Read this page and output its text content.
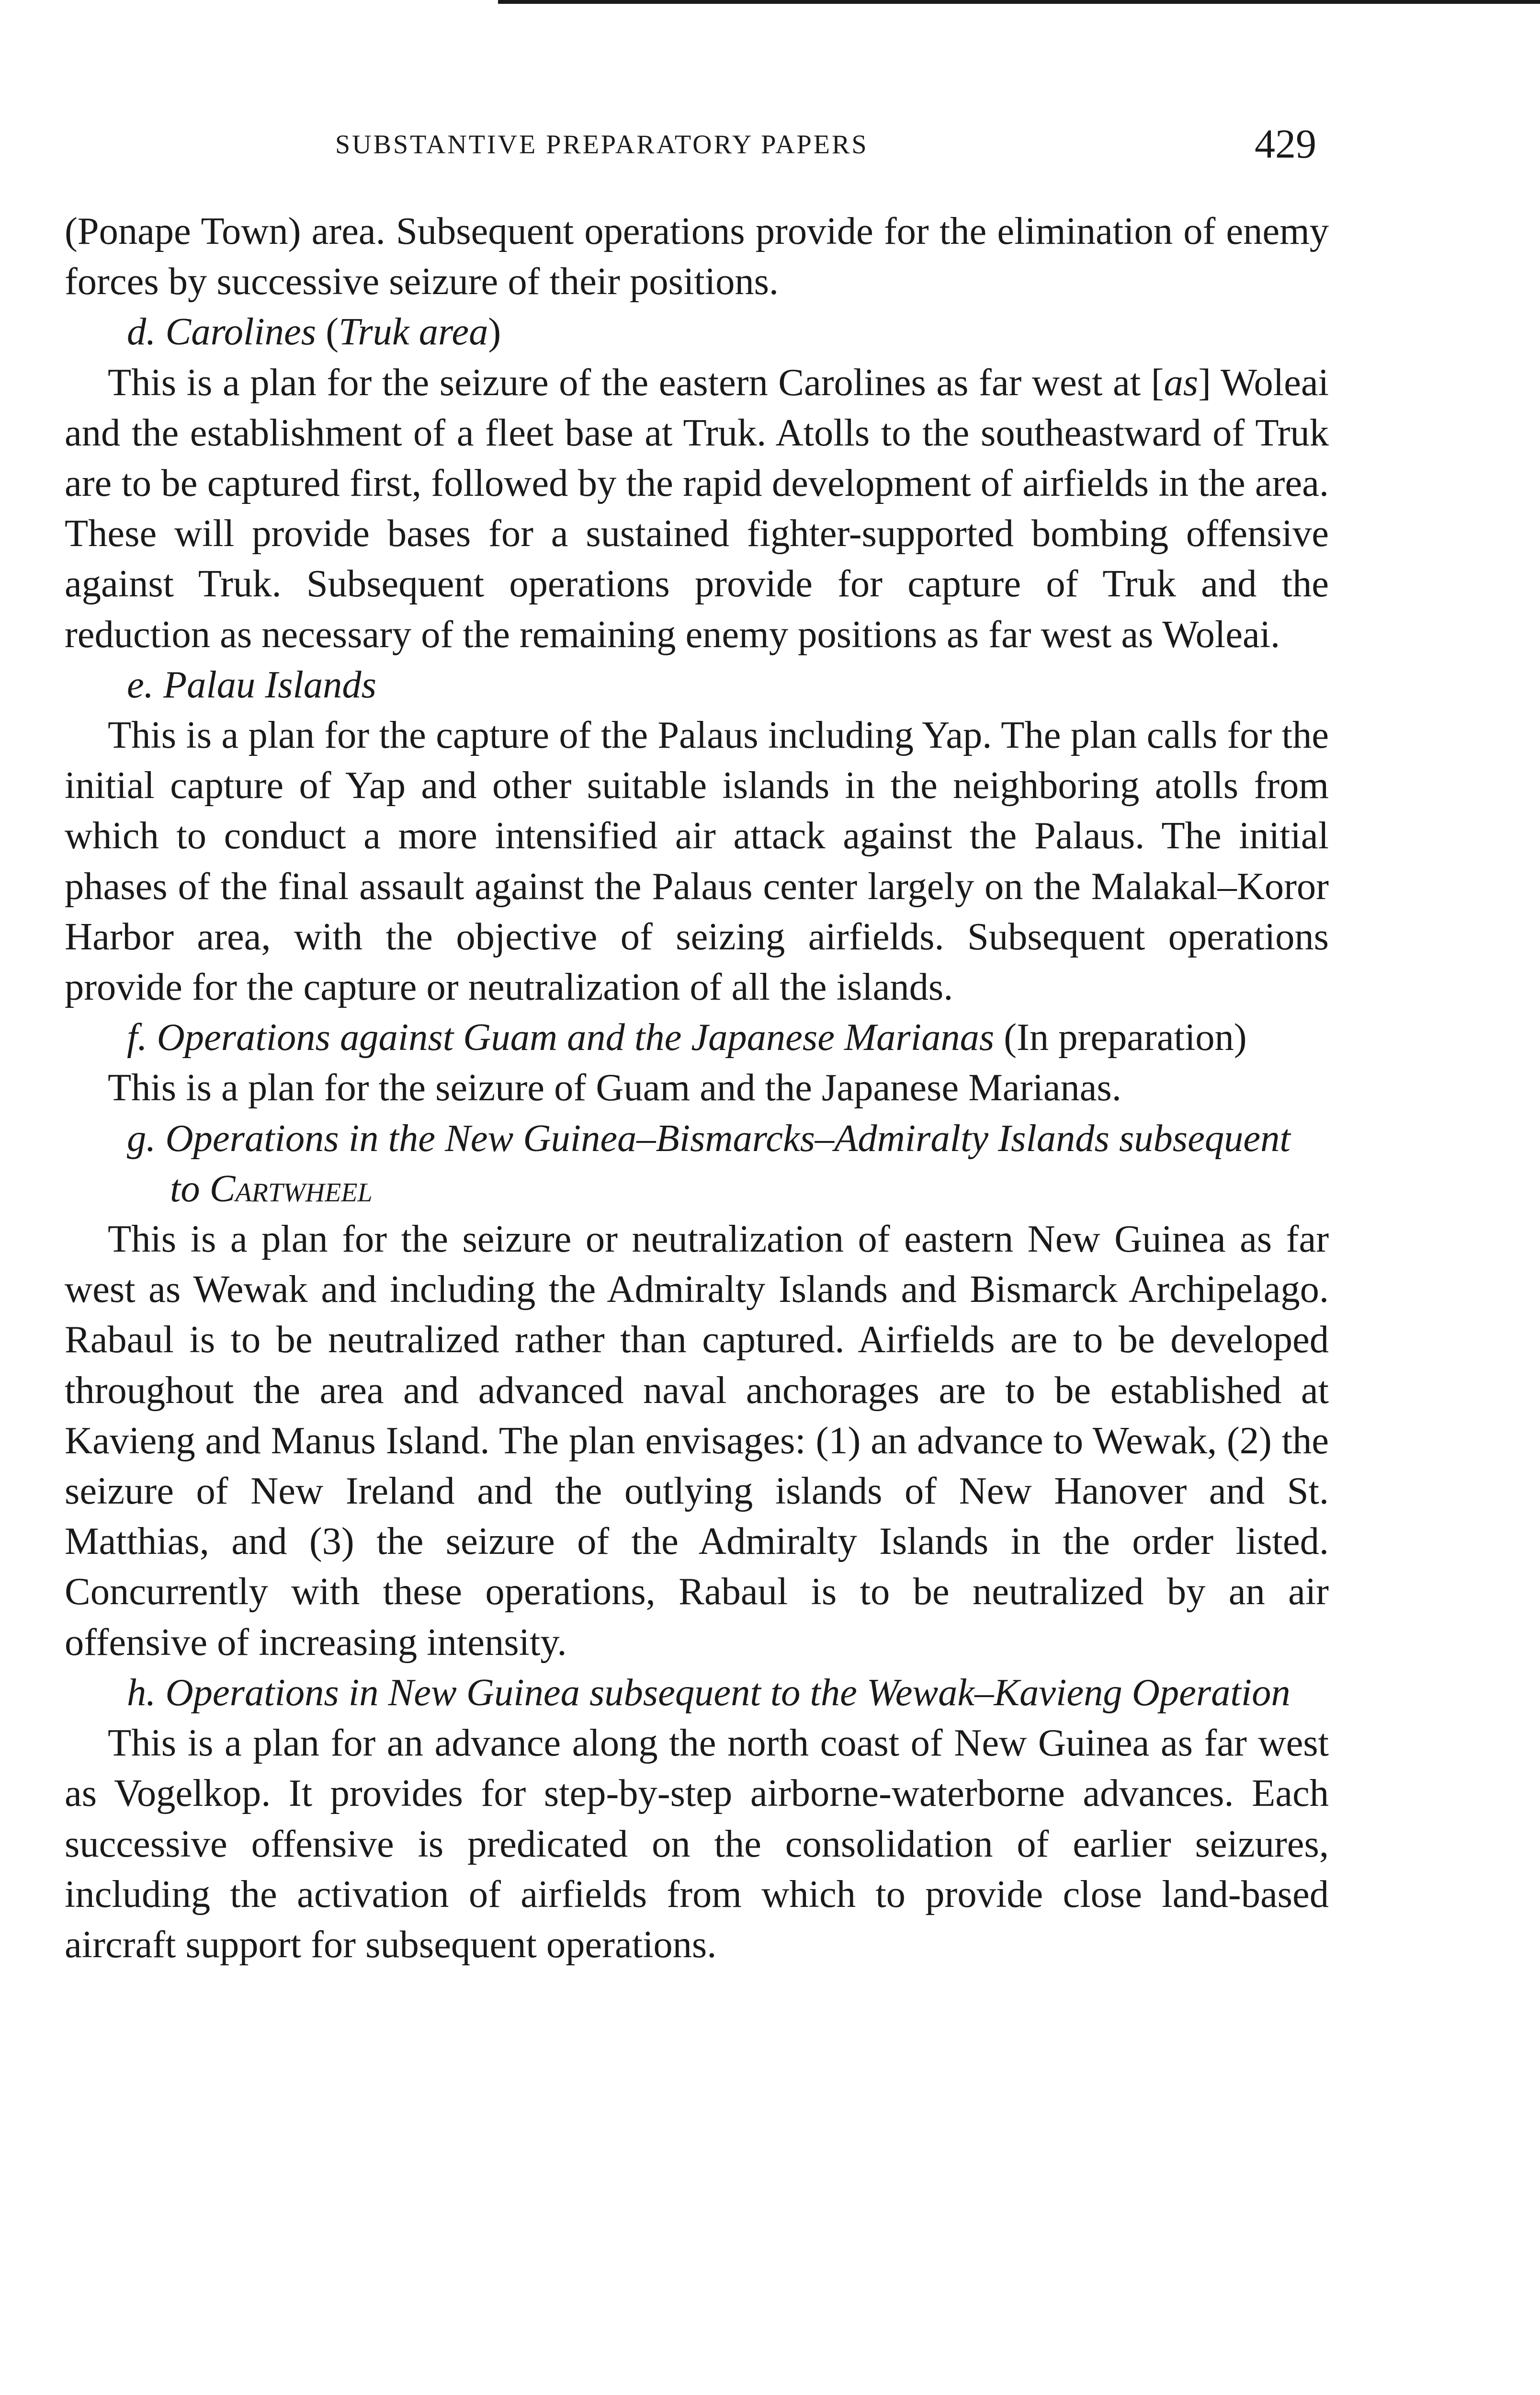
SUBSTANTIVE PREPARATORY PAPERS	429

(Ponape Town) area. Subsequent operations provide for the elimination of enemy forces by successive seizure of their positions.

d. Carolines (Truk area)

This is a plan for the seizure of the eastern Carolines as far west at [as] Woleai and the establishment of a fleet base at Truk. Atolls to the southeastward of Truk are to be captured first, followed by the rapid development of airfields in the area. These will provide bases for a sustained fighter-supported bombing offensive against Truk. Subsequent operations provide for capture of Truk and the reduction as necessary of the remaining enemy positions as far west as Woleai.

e. Palau Islands

This is a plan for the capture of the Palaus including Yap. The plan calls for the initial capture of Yap and other suitable islands in the neighboring atolls from which to conduct a more intensified air attack against the Palaus. The initial phases of the final assault against the Palaus center largely on the Malakal–Koror Harbor area, with the objective of seizing airfields. Subsequent operations provide for the capture or neutralization of all the islands.

f. Operations against Guam and the Japanese Marianas (In preparation)

This is a plan for the seizure of Guam and the Japanese Marianas.

g. Operations in the New Guinea–Bismarcks–Admiralty Islands subsequent to Cartwheel

This is a plan for the seizure or neutralization of eastern New Guinea as far west as Wewak and including the Admiralty Islands and Bismarck Archipelago. Rabaul is to be neutralized rather than captured. Airfields are to be developed throughout the area and advanced naval anchorages are to be established at Kavieng and Manus Island. The plan envisages: (1) an advance to Wewak, (2) the seizure of New Ireland and the outlying islands of New Hanover and St. Matthias, and (3) the seizure of the Admiralty Islands in the order listed. Concurrently with these operations, Rabaul is to be neutralized by an air offensive of increasing intensity.

h. Operations in New Guinea subsequent to the Wewak–Kavieng Operation

This is a plan for an advance along the north coast of New Guinea as far west as Vogelkop. It provides for step-by-step airborne-waterborne advances. Each successive offensive is predicated on the consolidation of earlier seizures, including the activation of airfields from which to provide close land-based aircraft support for subsequent operations.
